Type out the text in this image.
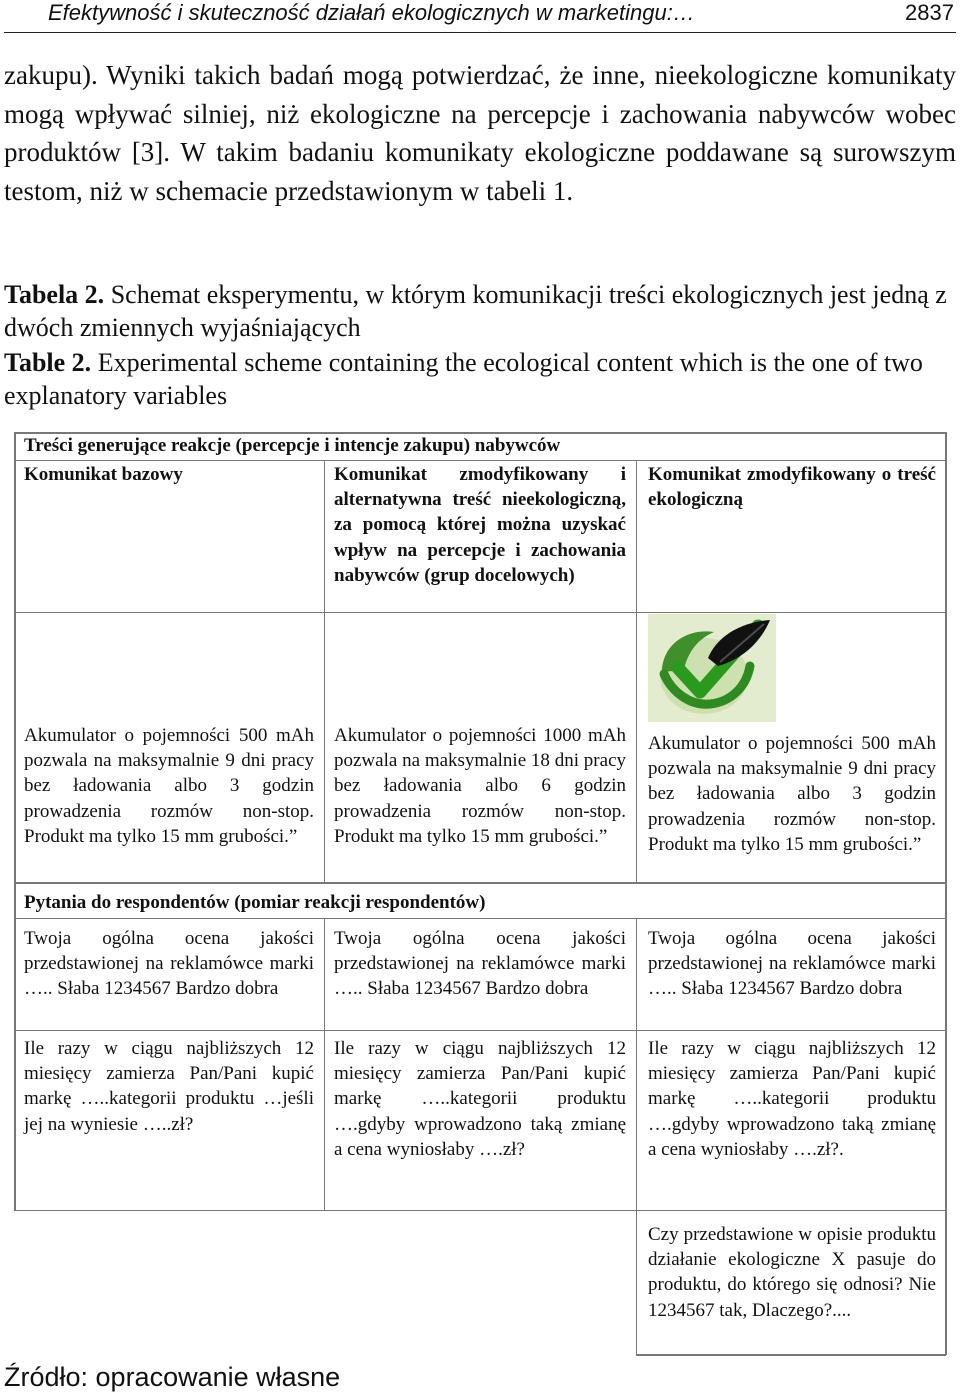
Efektywność i skuteczność działań ekologicznych w marketingu:…	2837

zakupu). Wyniki takich badań mogą potwierdzać, że inne, nieekologiczne komunikaty mogą wpływać silniej, niż ekologiczne na percepcje i zachowania nabywców wobec produktów [3]. W takim badaniu komunikaty ekologiczne poddawane są surowszym testom, niż w schemacie przedstawionym w tabeli 1.

Tabela 2. Schemat eksperymentu, w którym komunikacji treści ekologicznych jest jedną z dwóch zmiennych wyjaśniających

Table 2. Experimental scheme containing the ecological content which is the one of two explanatory variables

Treści generujące reakcje (percepcje i intencje zakupu) nabywców
Komunikat bazowy	Komunikat zmodyfikowany i alternatywna treść nieekologiczną, za pomocą której można uzyskać wpływ na percepcje i zachowania nabywców (grup docelowych)
Komunikat zmodyfikowany o treść ekologiczną
Akumulator o pojemności 500 mAh pozwala na maksymalnie 9 dni pracy bez ładowania albo 3 godzin prowadzenia rozmów non-stop. Produkt ma tylko 15 mm grubości.”
Akumulator o pojemności 1000 mAh pozwala na maksymalnie 18 dni pracy bez ładowania albo 6 godzin prowadzenia rozmów non-stop. Produkt ma tylko 15 mm grubości.”
Akumulator o pojemności 500 mAh pozwala na maksymalnie 9 dni pracy bez ładowania albo 3 godzin prowadzenia rozmów non-stop. Produkt ma tylko 15 mm grubości.”
Pytania do respondentów (pomiar reakcji respondentów)
Twoja ogólna ocena jakości przedstawionej na reklamówce marki ….. Słaba 1234567 Bardzo dobra
Twoja ogólna ocena jakości przedstawionej na reklamówce marki ….. Słaba 1234567 Bardzo dobra
Twoja ogólna ocena jakości przedstawionej na reklamówce marki ….. Słaba 1234567 Bardzo dobra
Ile razy w ciągu najbliższych 12 miesięcy zamierza Pan/Pani kupić markę …..kategorii produktu …jeśli jej na wyniesie …..zł?
Ile razy w ciągu najbliższych 12 miesięcy zamierza Pan/Pani kupić markę …..kategorii produktu ….gdyby wprowadzono taką zmianę a cena wyniosłaby ….zł?
Ile razy w ciągu najbliższych 12 miesięcy zamierza Pan/Pani kupić markę …..kategorii produktu ….gdyby wprowadzono taką zmianę a cena wyniosłaby ….zł?.
Czy przedstawione w opisie produktu działanie ekologiczne X pasuje do produktu, do którego się odnosi? Nie 1234567 tak, Dlaczego?....
Źródło: opracowanie własne
